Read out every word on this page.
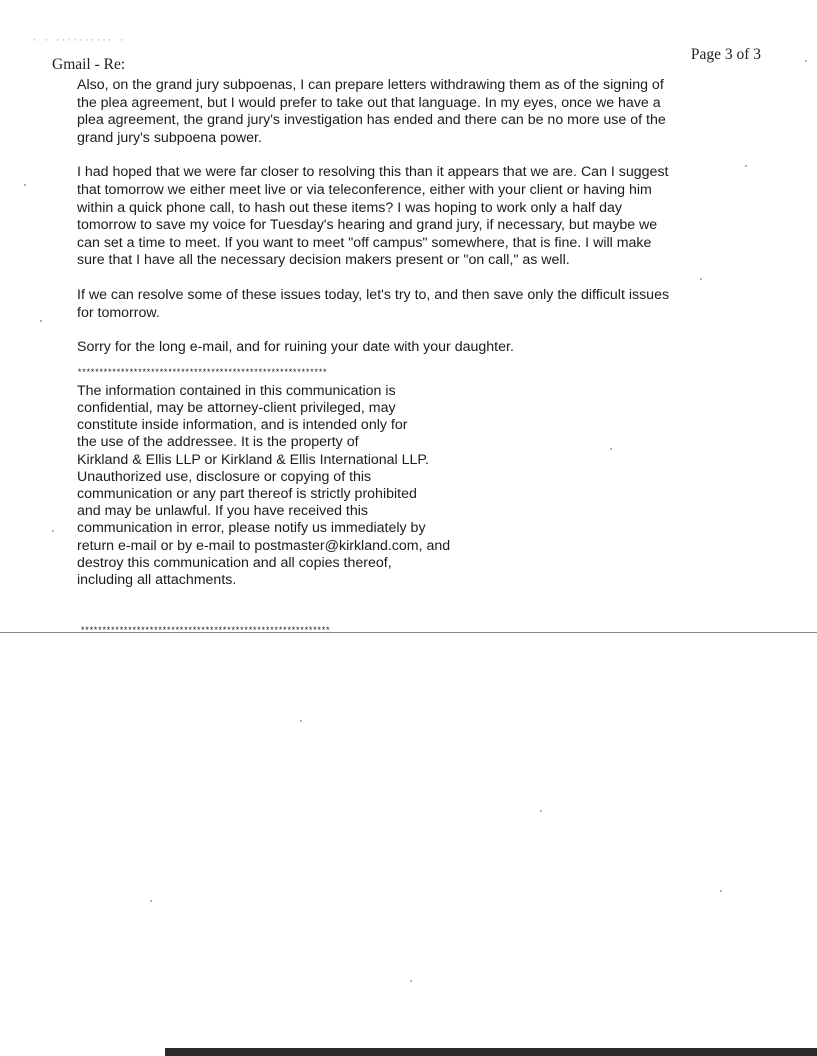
· · ·········· ·
Gmail - Re:
Page 3 of 3

Also, on the grand jury subpoenas, I can prepare letters withdrawing them as of the signing of
the plea agreement, but I would prefer to take out that language. In my eyes, once we have a
plea agreement, the grand jury's investigation has ended and there can be no more use of the
grand jury's subpoena power.

I had hoped that we were far closer to resolving this than it appears that we are. Can I suggest
that tomorrow we either meet live or via teleconference, either with your client or having him
within a quick phone call, to hash out these items? I was hoping to work only a half day
tomorrow to save my voice for Tuesday's hearing and grand jury, if necessary, but maybe we
can set a time to meet. If you want to meet "off campus" somewhere, that is fine. I will make
sure that I have all the necessary decision makers present or "on call," as well.

If we can resolve some of these issues today, let's try to, and then save only the difficult issues
for tomorrow.

Sorry for the long e-mail, and for ruining your date with your daughter.

**********************************************************
The information contained in this communication is
confidential, may be attorney-client privileged, may
constitute inside information, and is intended only for
the use of the addressee. It is the property of
Kirkland & Ellis LLP or Kirkland & Ellis International LLP.
Unauthorized use, disclosure or copying of this
communication or any part thereof is strictly prohibited
and may be unlawful. If you have received this
communication in error, please notify us immediately by
return e-mail or by e-mail to postmaster@kirkland.com, and
destroy this communication and all copies thereof,
including all attachments.
**********************************************************
